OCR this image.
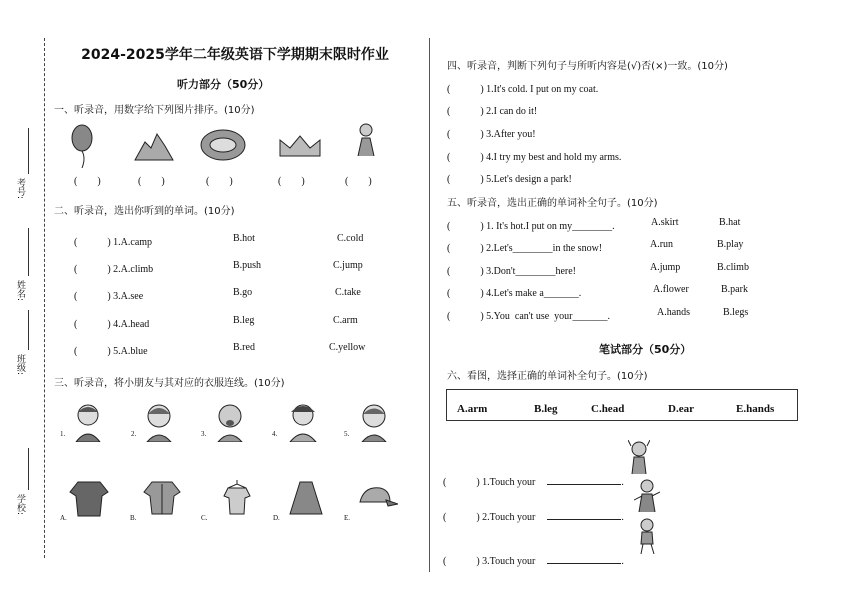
考号:
姓名:
班级:
学校:
2024-2025学年二年级英语下学期期末限时作业
听力部分（50分）
一、听录音，用数字给下列图片排序。(10分)
(　　)	(　　)	(　　)	(　　)	(　　)
二、听录音，选出你听到的单词。(10分)
(　　　) 1.A.camp	B.hot	C.cold
(　　　) 2.A.climb	B.push	C.jump
(　　　) 3.A.see	B.go	C.take
(　　　) 4.A.head	B.leg	C.arm
(　　　) 5.A.blue	B.red	C.yellow
三、听录音，将小朋友与其对应的衣服连线。(10分)
1.	2.	3.	4.	5.
A.	B.	C.	D.	E.
四、听录音，判断下列句子与所听内容是(√)否(×)一致。(10分)
(　　　) 1.It's cold. I put on my coat.
(　　　) 2.I can do it!
(　　　) 3.After you!
(　　　) 4.I try my best and hold my arms.
(　　　) 5.Let's design a park!
五、听录音，选出正确的单词补全句子。(10分)
(　　　) 1. It's hot.I put on my________.	A.skirt	B.hat
(　　　) 2.Let's________in the snow!	A.run	B.play
(　　　) 3.Don't________here!	A.jump	B.climb
(　　　) 4.Let's make a_______.	A.flower	B.park
(　　　) 5.You  can't use  your_______.	A.hands	B.legs
笔试部分（50分）
六、看图，选择正确的单词补全句子。(10分)
A.arm	B.leg	C.head	D.ear	E.hands

(　　　) 1.Touch your	.

(　　　) 2.Touch your	.

(　　　) 3.Touch your	.
